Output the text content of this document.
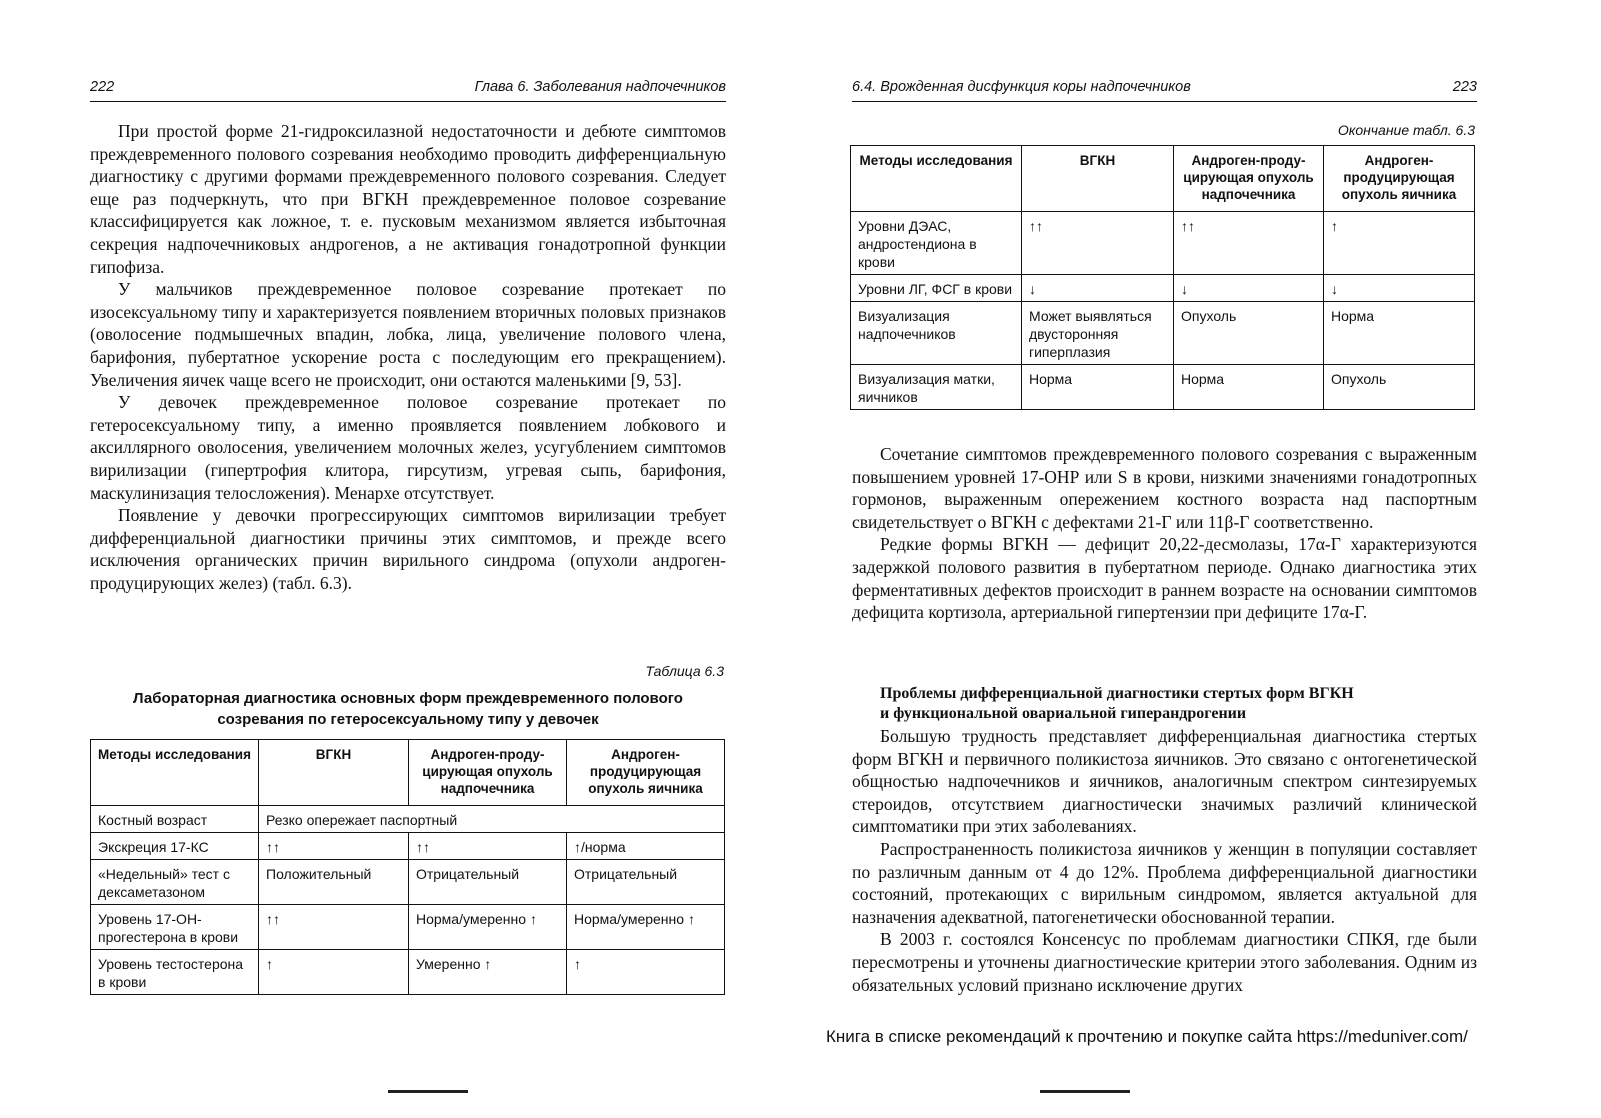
222	Глава 6. Заболевания надпочечников

При простой форме 21-гидроксилазной недостаточности и дебюте симптомов преждевременного полового созревания необходимо проводить дифференциальную диагностику с другими формами преждевременного полового созревания. Следует еще раз подчеркнуть, что при ВГКН преждевременное половое созревание классифицируется как ложное, т. е. пусковым механизмом является избыточная секреция надпочечниковых андрогенов, а не активация гонадотропной функции гипофиза.

У мальчиков преждевременное половое созревание протекает по изосексуальному типу и характеризуется появлением вторичных половых признаков (оволосение подмышечных впадин, лобка, лица, увеличение полового члена, барифония, пубертатное ускорение роста с последующим его прекращением). Увеличения яичек чаще всего не происходит, они остаются маленькими [9, 53].

У девочек преждевременное половое созревание протекает по гетеросексуальному типу, а именно проявляется появлением лобкового и аксиллярного оволосения, увеличением молочных желез, усугублением симптомов вирилизации (гипертрофия клитора, гирсутизм, угревая сыпь, барифония, маскулинизация телосложения). Менархе отсутствует.

Появление у девочки прогрессирующих симптомов вирилизации требует дифференциальной диагностики причины этих симптомов, и прежде всего исключения органических причин вирильного синдрома (опухоли андроген-продуцирующих желез) (табл. 6.3).

Таблица 6.3
Лабораторная диагностика основных форм преждевременного полового
созревания по гетеросексуальному типу у девочек
Методы исследования	ВГКН	Андроген-проду-цирующая опухоль надпочечника	Андроген-продуцирующая опухоль яичника
Костный возраст	Резко опережает паспортный		
Экскреция 17-КС	↑↑	↑↑	↑/норма
«Недельный» тест с дексаметазоном	Положительный	Отрицательный	Отрицательный
Уровень 17-ОН-прогестерона в крови	↑↑	Норма/умеренно ↑	Норма/умеренно ↑
Уровень тестостерона в крови	↑	Умеренно ↑	↑
6.4. Врожденная дисфункция коры надпочечников	223
Окончание табл. 6.3
Методы исследования	ВГКН	Андроген-проду-цирующая опухоль надпочечника	Андроген-продуцирующая опухоль яичника
Уровни ДЭАС, андростендиона в крови	↑↑	↑↑	↑
Уровни ЛГ, ФСГ в крови	↓	↓	↓
Визуализация надпочечников	Может выявляться двусторонняя гиперплазия	Опухоль	Норма
Визуализация матки, яичников	Норма	Норма	Опухоль

Сочетание симптомов преждевременного полового созревания с выраженным повышением уровней 17-ОНР или S в крови, низкими значениями гонадотропных гормонов, выраженным опережением костного возраста над паспортным свидетельствует о ВГКН с дефектами 21-Г или 11β-Г соответственно.

Редкие формы ВГКН — дефицит 20,22-десмолазы, 17α-Г характеризуются задержкой полового развития в пубертатном периоде. Однако диагностика этих ферментативных дефектов происходит в раннем возрасте на основании симптомов дефицита кортизола, артериальной гипертензии при дефиците 17α-Г.

Проблемы дифференциальной диагностики стертых форм ВГКН
и функциональной овариальной гиперандрогении

Большую трудность представляет дифференциальная диагностика стертых форм ВГКН и первичного поликистоза яичников. Это связано с онтогенетической общностью надпочечников и яичников, аналогичным спектром синтезируемых стероидов, отсутствием диагностически значимых различий клинической симптоматики при этих заболеваниях.

Распространенность поликистоза яичников у женщин в популяции составляет по различным данным от 4 до 12%. Проблема дифференциальной диагностики состояний, протекающих с вирильным синдромом, является актуальной для назначения адекватной, патогенетически обоснованной терапии.

В 2003 г. состоялся Консенсус по проблемам диагностики СПКЯ, где были пересмотрены и уточнены диагностические критерии этого заболевания. Одним из обязательных условий признано исключение других

Книга в списке рекомендаций к прочтению и покупке сайта https://meduniver.com/
